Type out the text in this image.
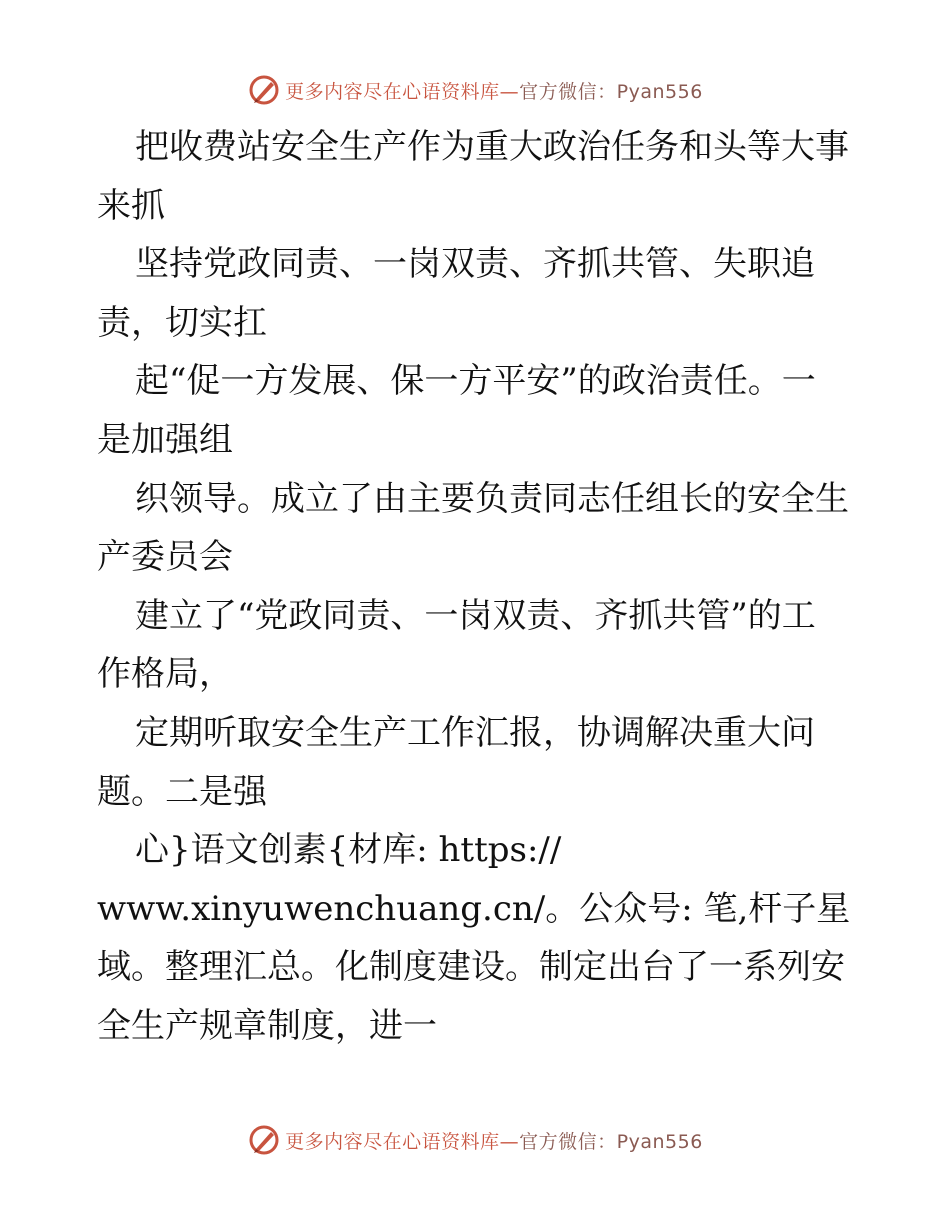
更多内容尽在心语资料库—官方微信：Pyan556
把收费站安全生产作为重大政治任务和头等大事
来抓
坚持党政同责、一岗双责、齐抓共管、失职追
责，切实扛
起“促一方发展、保一方平安”的政治责任。一
是加强组
织领导。成立了由主要负责同志任组长的安全生
产委员会
建立了“党政同责、一岗双责、齐抓共管”的工
作格局，
定期听取安全生产工作汇报，协调解决重大问
题。二是强
心}语文创素{材库: https://
www.xinyuwenchuang.cn/。公众号: 笔,杆子星
域。整理汇总。化制度建设。制定出台了一系列安
全生产规章制度，进一
更多内容尽在心语资料库—官方微信：Pyan556
